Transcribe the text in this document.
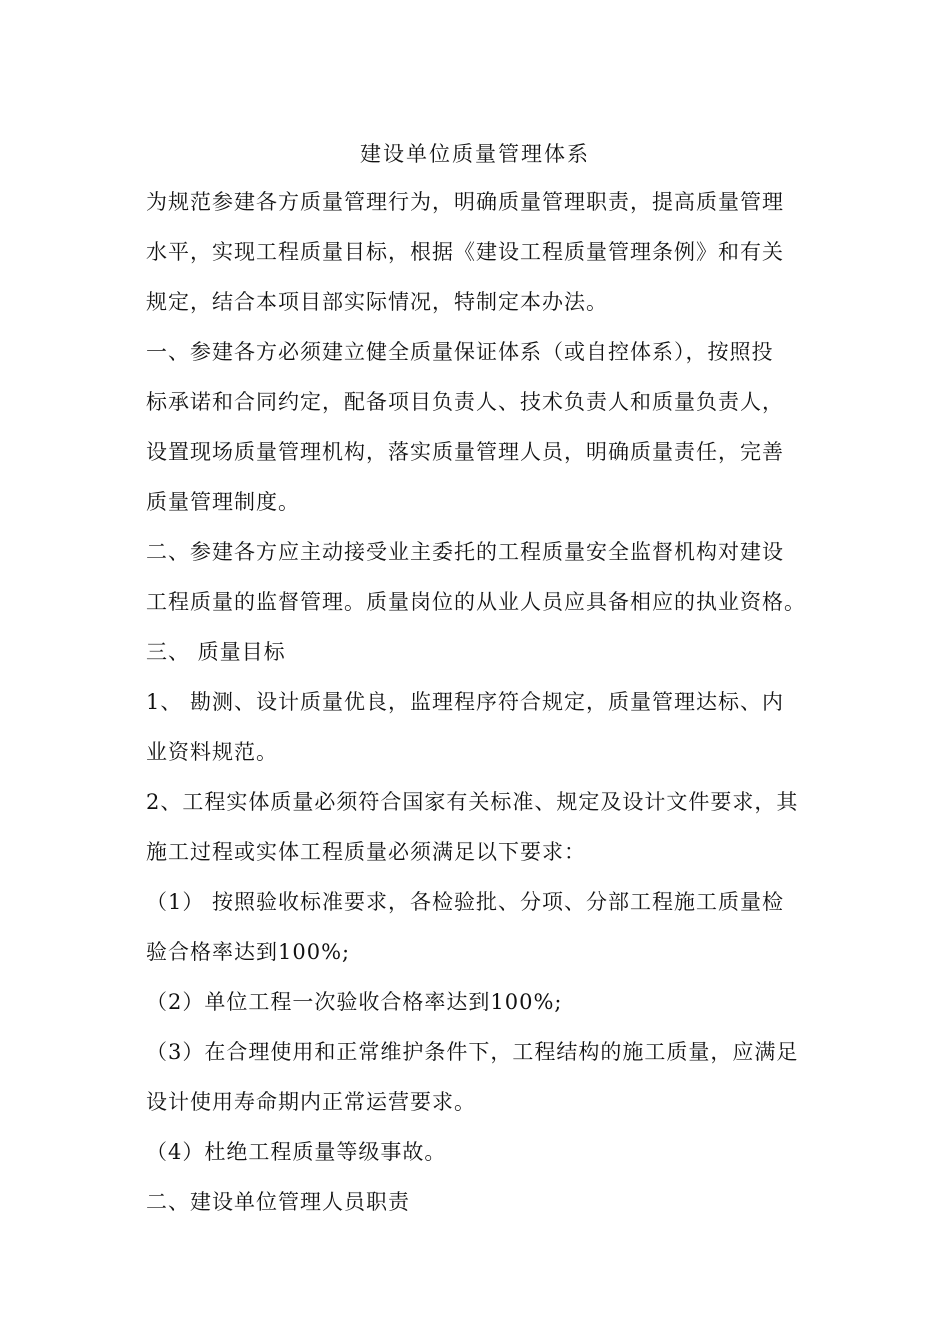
建设单位质量管理体系
为规范参建各方质量管理行为，明确质量管理职责，提高质量管理
水平，实现工程质量目标，根据《建设工程质量管理条例》和有关
规定，结合本项目部实际情况，特制定本办法。
一、参建各方必须建立健全质量保证体系（或自控体系），按照投
标承诺和合同约定，配备项目负责人、技术负责人和质量负责人，
设置现场质量管理机构，落实质量管理人员，明确质量责任，完善
质量管理制度。
二、参建各方应主动接受业主委托的工程质量安全监督机构对建设
工程质量的监督管理。质量岗位的从业人员应具备相应的执业资格。
三、 质量目标
1、 勘测、设计质量优良，监理程序符合规定，质量管理达标、内
业资料规范。
2、工程实体质量必须符合国家有关标准、规定及设计文件要求，其
施工过程或实体工程质量必须满足以下要求：
（1） 按照验收标准要求，各检验批、分项、分部工程施工质量检
验合格率达到100%;
（2）单位工程一次验收合格率达到100%;
（3）在合理使用和正常维护条件下，工程结构的施工质量，应满足
设计使用寿命期内正常运营要求。
（4）杜绝工程质量等级事故。
二、建设单位管理人员职责
